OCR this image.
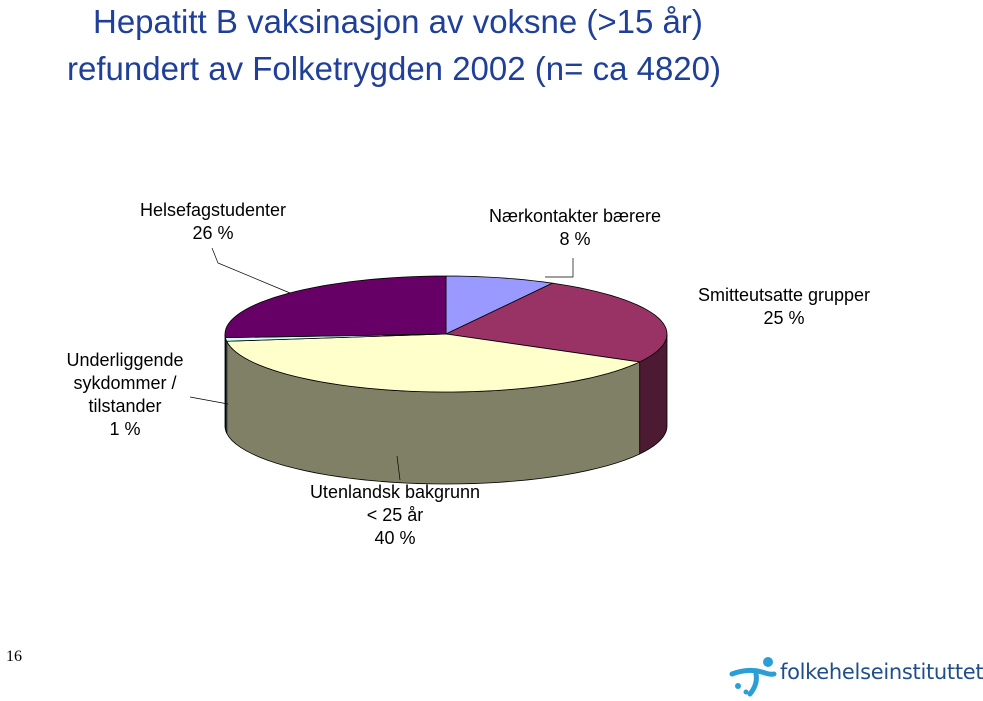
Hepatitt B vaksinasjon av voksne (>15 år)
refundert av Folketrygden 2002 (n= ca 4820)
Helsefagstudenter
26 %
Nærkontakter bærere
8 %
Smitteutsatte grupper
25 %
Underliggende
sykdommer /
tilstander
1 %
Utenlandsk bakgrunn
< 25 år
40 %
16
folkehelseinstituttet
